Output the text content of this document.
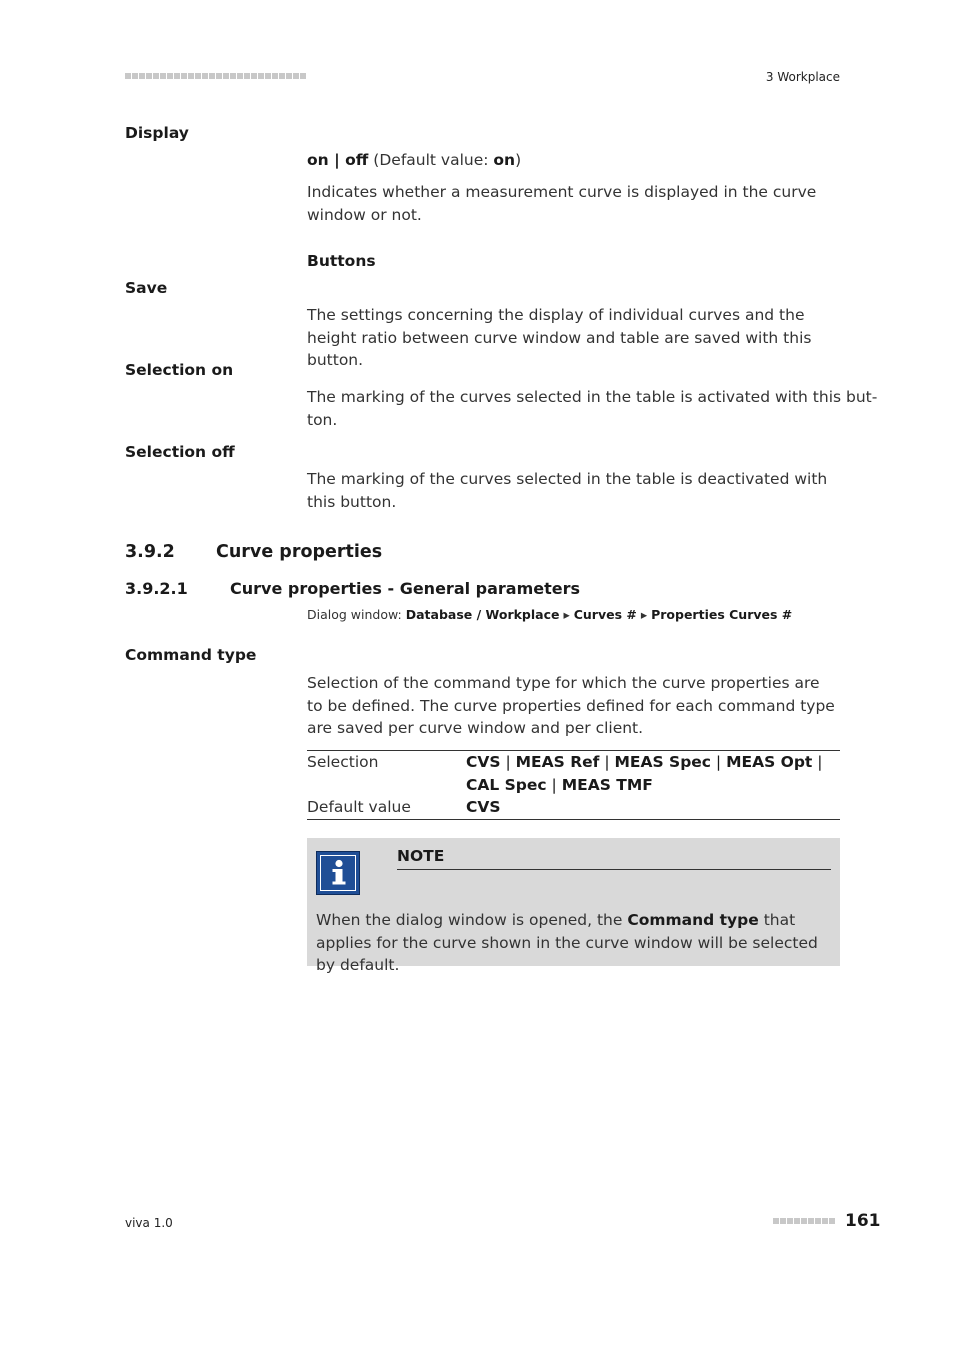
3 Workplace
Display
on | off (Default value: on)
Indicates whether a measurement curve is displayed in the curve window or not.
Buttons
Save
The settings concerning the display of individual curves and the height ratio between curve window and table are saved with this button.
Selection on
The marking of the curves selected in the table is activated with this but-
ton.
Selection off
The marking of the curves selected in the table is deactivated with this button.
3.9.2 Curve properties
3.9.2.1	Curve properties - General parameters
Dialog window: Database / Workplace ▸ Curves # ▸ Properties Curves #
Command type
Selection of the command type for which the curve properties are to be defined. The curve properties defined for each command type are saved per curve window and per client.
Selection	CVS | MEAS Ref | MEAS Spec | MEAS Opt | CAL Spec | MEAS TMF
Default value	CVS
NOTE
When the dialog window is opened, the Command type that applies for the curve shown in the curve window will be selected by default.
viva 1.0	161
